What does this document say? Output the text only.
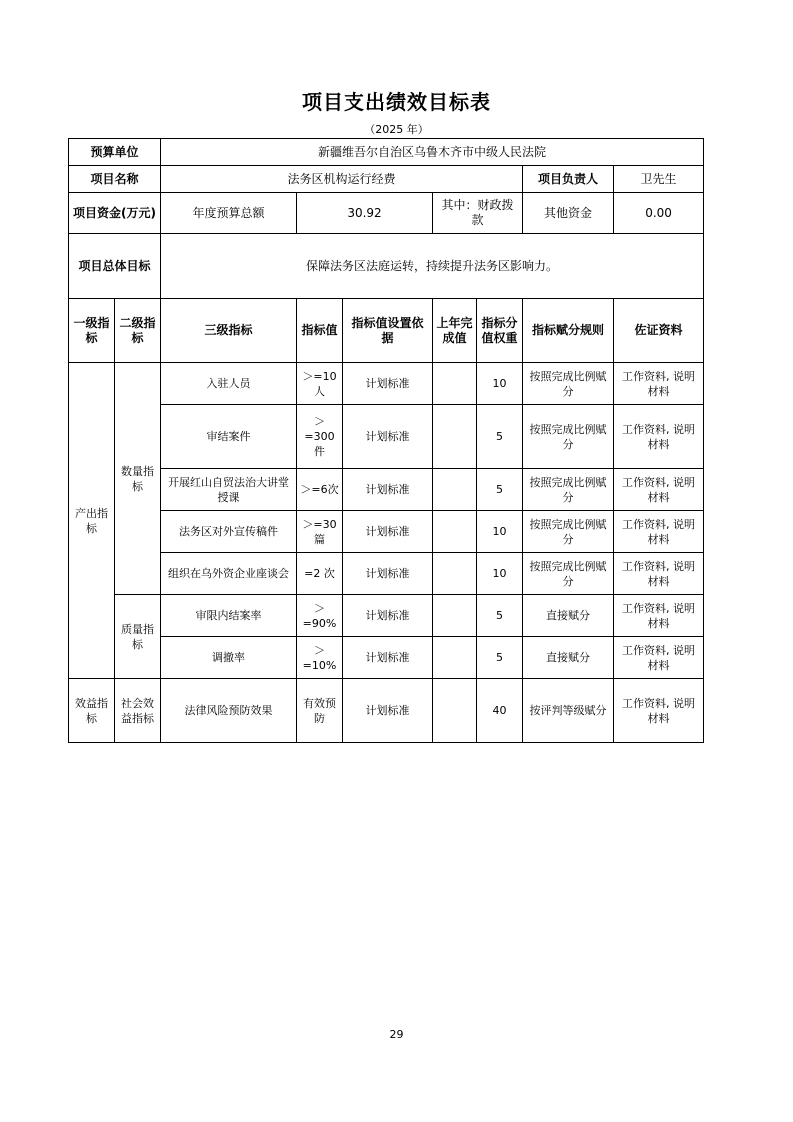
项目支出绩效目标表
（2025 年）
预算单位		新疆维吾尔自治区乌鲁木齐市中级人民法院						
项目名称		法务区机构运行经费					项目负责人	卫先生
项目资金(万元)		年度预算总额	30.92		其中：财政拨款		其他资金	0.00
项目总体目标		保障法务区法庭运转，持续提升法务区影响力。						
一级指标	二级指标	三级指标	指标值	指标值设置依据	上年完成值	指标分值权重	指标赋分规则	佐证资料
产出指标	数量指标	入驻人员	＞=10人	计划标准		10	按照完成比例赋分	工作资料, 说明材料
		审结案件	＞=300件	计划标准		5	按照完成比例赋分	工作资料, 说明材料
		开展红山自贸法治大讲堂授课	＞=6次	计划标准		5	按照完成比例赋分	工作资料, 说明材料
		法务区对外宣传稿件	＞=30篇	计划标准		10	按照完成比例赋分	工作资料, 说明材料
		组织在乌外资企业座谈会	=2 次	计划标准		10	按照完成比例赋分	工作资料, 说明材料
	质量指标	审限内结案率	＞=90%	计划标准		5	直接赋分	工作资料, 说明材料
		调撤率	＞=10%	计划标准		5	直接赋分	工作资料, 说明材料
效益指标	社会效益指标	法律风险预防效果	有效预防	计划标准		40	按评判等级赋分	工作资料, 说明材料
29
